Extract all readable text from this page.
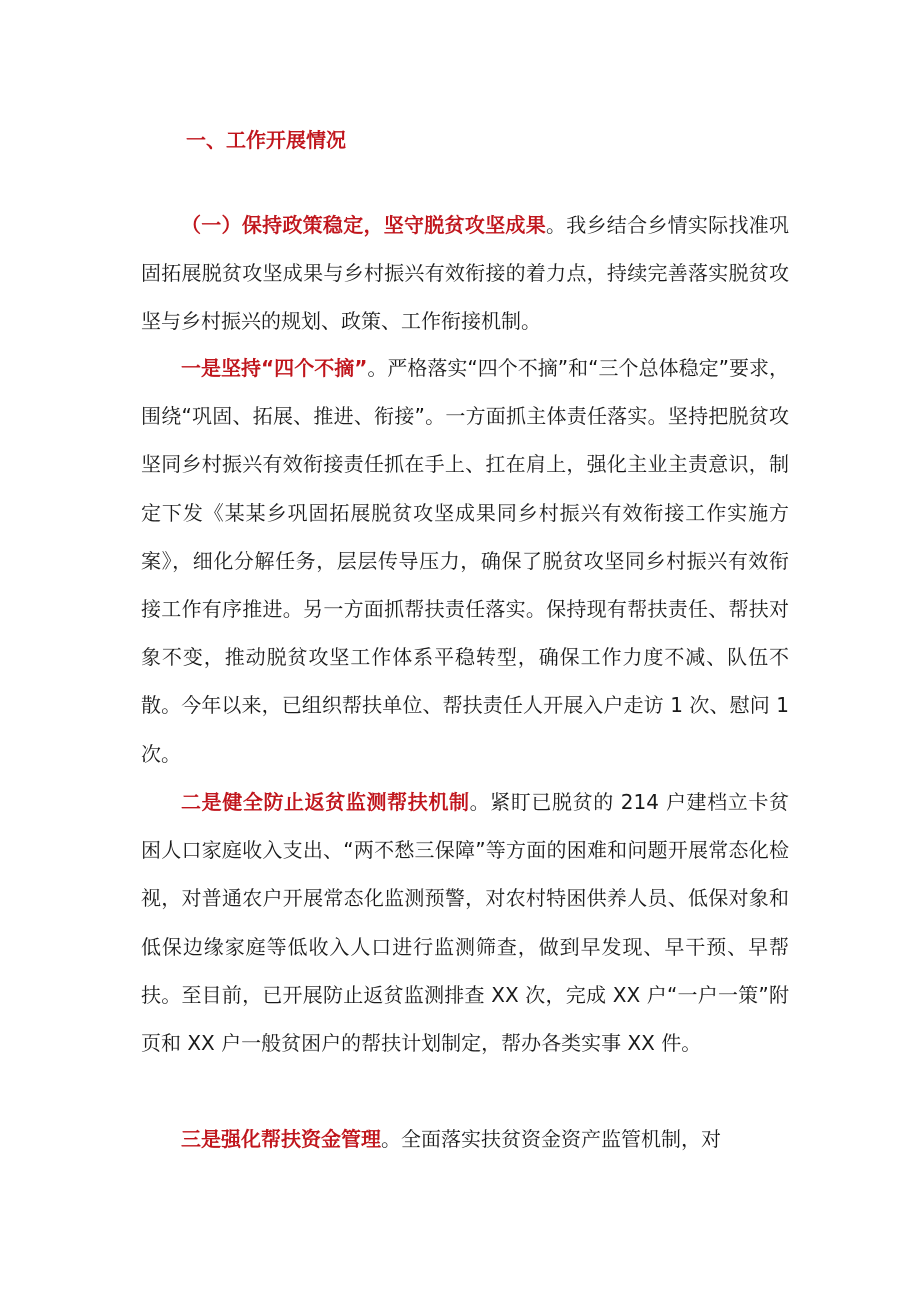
一、工作开展情况

（一）保持政策稳定，坚守脱贫攻坚成果。我乡结合乡情实际找准巩固拓展脱贫攻坚成果与乡村振兴有效衔接的着力点，持续完善落实脱贫攻坚与乡村振兴的规划、政策、工作衔接机制。

一是坚持“四个不摘”。严格落实“四个不摘”和“三个总体稳定”要求，围绕“巩固、拓展、推进、衔接”。一方面抓主体责任落实。坚持把脱贫攻坚同乡村振兴有效衔接责任抓在手上、扛在肩上，强化主业主责意识，制定下发《某某乡巩固拓展脱贫攻坚成果同乡村振兴有效衔接工作实施方案》，细化分解任务，层层传导压力，确保了脱贫攻坚同乡村振兴有效衔接工作有序推进。另一方面抓帮扶责任落实。保持现有帮扶责任、帮扶对象不变，推动脱贫攻坚工作体系平稳转型，确保工作力度不减、队伍不散。今年以来，已组织帮扶单位、帮扶责任人开展入户走访 1 次、慰问 1 次。

二是健全防止返贫监测帮扶机制。紧盯已脱贫的 214 户建档立卡贫困人口家庭收入支出、“两不愁三保障”等方面的困难和问题开展常态化检视，对普通农户开展常态化监测预警，对农村特困供养人员、低保对象和低保边缘家庭等低收入人口进行监测筛查，做到早发现、早干预、早帮扶。至目前，已开展防止返贫监测排查 XX 次，完成 XX 户“一户一策”附页和 XX 户一般贫困户的帮扶计划制定，帮办各类实事 XX 件。

三是强化帮扶资金管理。全面落实扶贫资金资产监管机制，对
